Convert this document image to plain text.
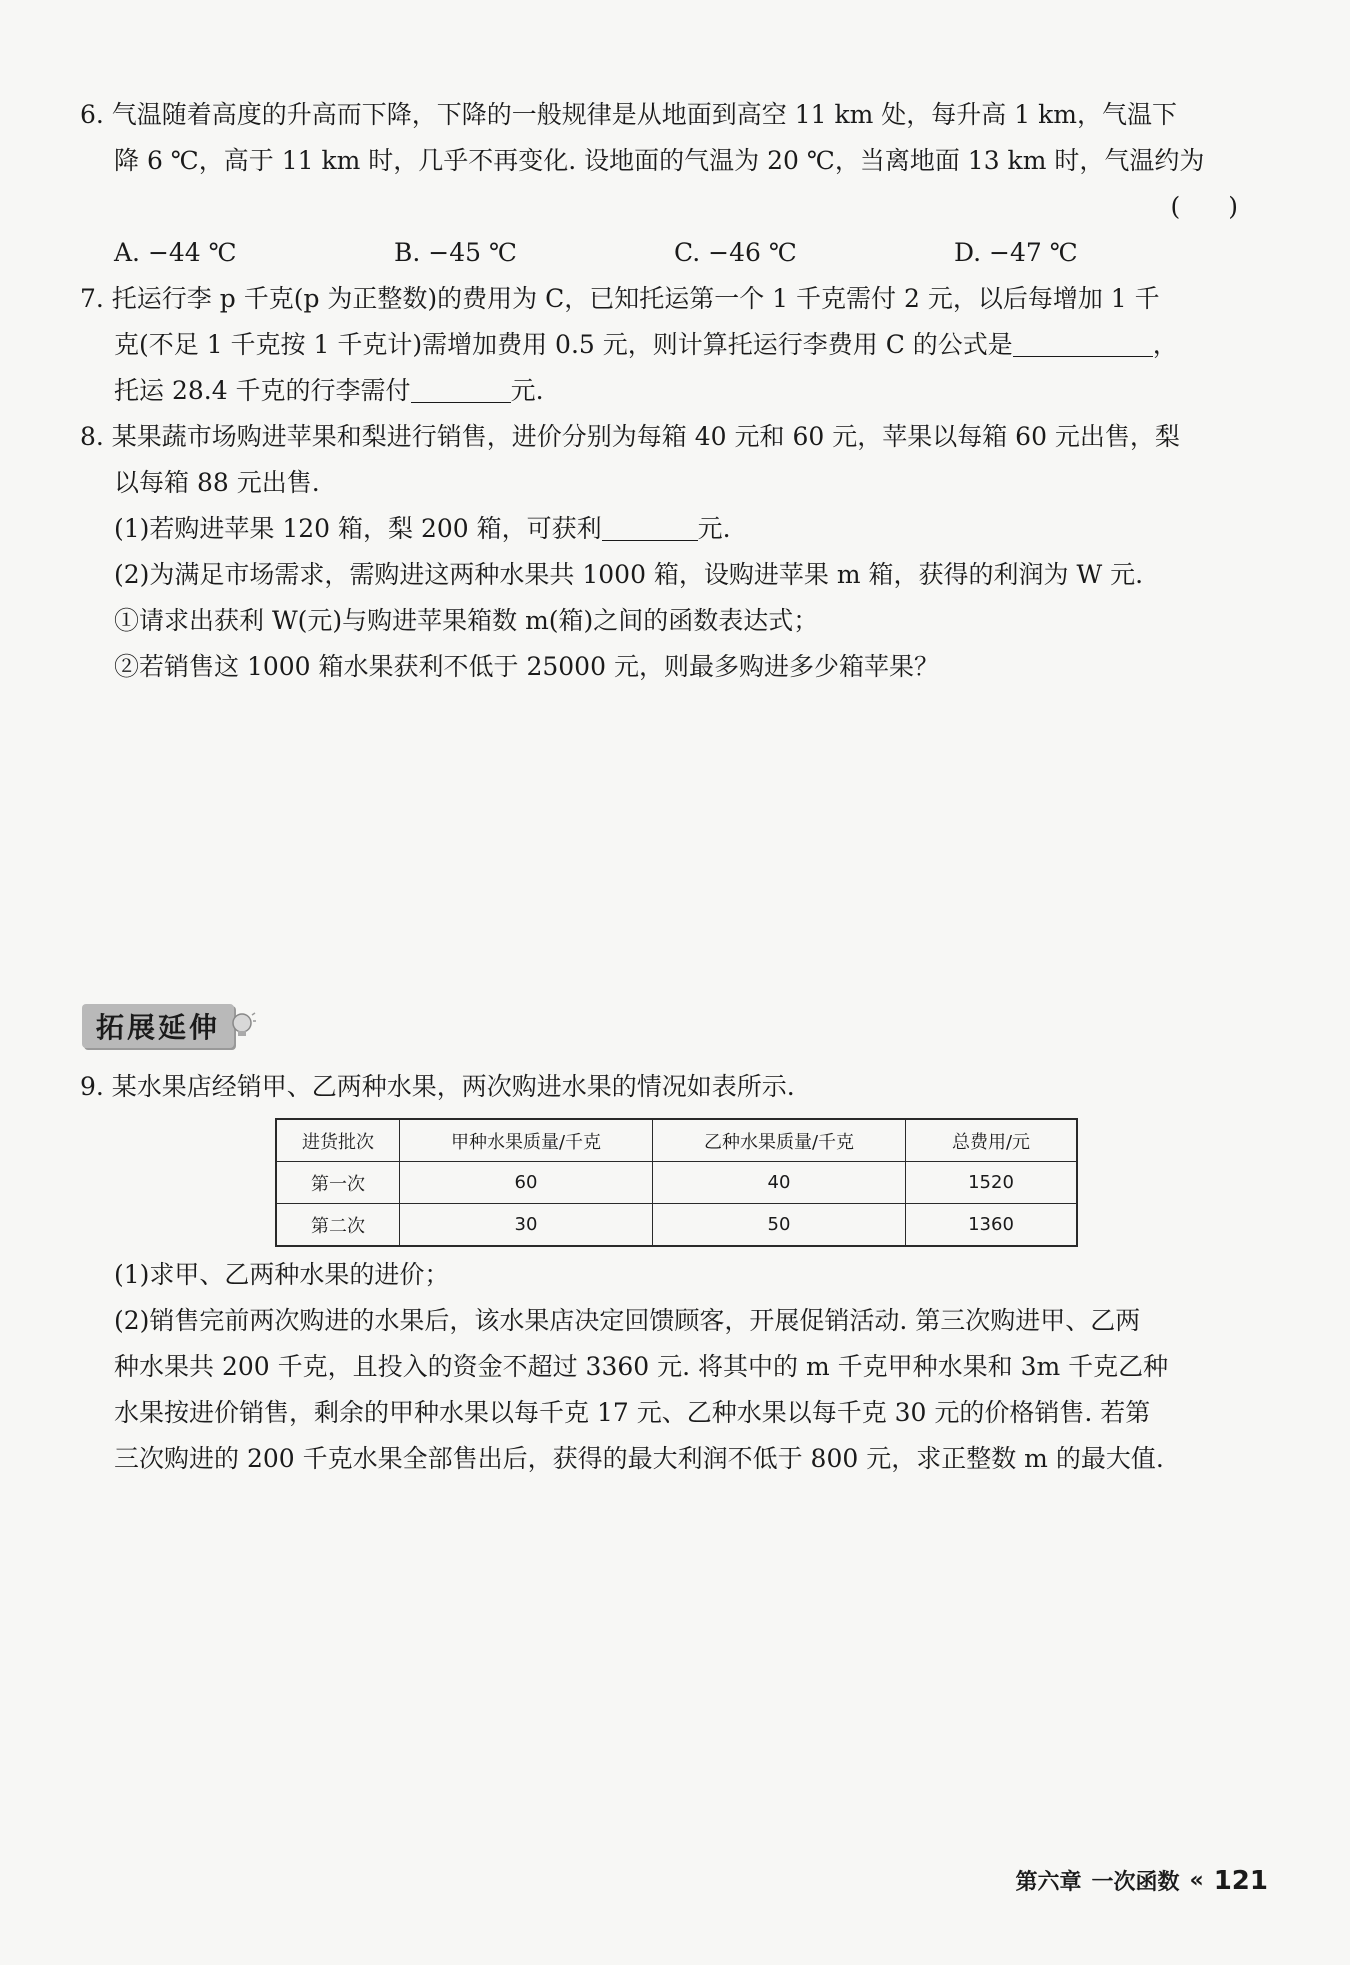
6. 气温随着高度的升高而下降，下降的一般规律是从地面到高空 11 km 处，每升高 1 km，气温下

降 6 ℃，高于 11 km 时，几乎不再变化. 设地面的气温为 20 ℃，当离地面 13 km 时，气温约为

( )

A. −44 ℃	B. −45 ℃	C. −46 ℃	D. −47 ℃

7. 托运行李 p 千克(p 为正整数)的费用为 C，已知托运第一个 1 千克需付 2 元，以后每增加 1 千

克(不足 1 千克按 1 千克计)需增加费用 0.5 元，则计算托运行李费用 C 的公式是	，

托运 28.4 千克的行李需付	元.

8. 某果蔬市场购进苹果和梨进行销售，进价分别为每箱 40 元和 60 元，苹果以每箱 60 元出售，梨

以每箱 88 元出售.

(1)若购进苹果 120 箱，梨 200 箱，可获利	元.

(2)为满足市场需求，需购进这两种水果共 1000 箱，设购进苹果 m 箱，获得的利润为 W 元.

①请求出获利 W(元)与购进苹果箱数 m(箱)之间的函数表达式；

②若销售这 1000 箱水果获利不低于 25000 元，则最多购进多少箱苹果？

拓展延伸

9. 某水果店经销甲、乙两种水果，两次购进水果的情况如表所示.

进货批次	甲种水果质量/千克	乙种水果质量/千克	总费用/元
第一次	60	40	1520
第二次	30	50	1360

(1)求甲、乙两种水果的进价；

(2)销售完前两次购进的水果后，该水果店决定回馈顾客，开展促销活动. 第三次购进甲、乙两

种水果共 200 千克，且投入的资金不超过 3360 元. 将其中的 m 千克甲种水果和 3m 千克乙种

水果按进价销售，剩余的甲种水果以每千克 17 元、乙种水果以每千克 30 元的价格销售. 若第

三次购进的 200 千克水果全部售出后，获得的最大利润不低于 800 元，求正整数 m 的最大值.

第六章 一次函数 « 121
